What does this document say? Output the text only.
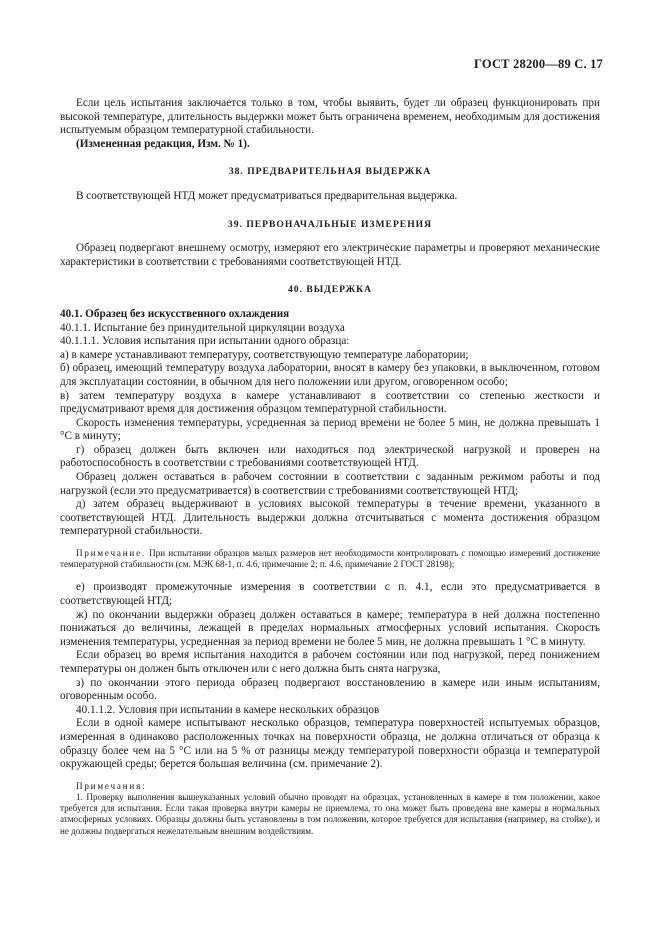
ГОСТ 28200—89 С. 17

Если цель испытания заключается только в том, чтобы выявить, будет ли образец функционировать при высокой температуре, длительность выдержки может быть ограничена временем, необходимым для достижения испытуемым образцом температурной стабильности.

(Измененная редакция, Изм. № 1).

38. ПРЕДВАРИТЕЛЬНАЯ ВЫДЕРЖКА

В соответствующей НТД может предусматриваться предварительная выдержка.

39. ПЕРВОНАЧАЛЬНЫЕ ИЗМЕРЕНИЯ

Образец подвергают внешнему осмотру, измеряют его электрические параметры и проверяют механические характеристики в соответствии с требованиями соответствующей НТД.

40. ВЫДЕРЖКА

40.1. Образец без искусственного охлаждения

40.1.1. Испытание без принудительной циркуляции воздуха

40.1.1.1. Условия испытания при испытании одного образца:

а) в камере устанавливают температуру, соответствующую температуре лаборатории;

б) образец, имеющий температуру воздуха лаборатории, вносят в камеру без упаковки, в выключенном, готовом для эксплуатации состоянии, в обычном для него положении или другом, оговоренном особо;

в) затем температуру воздуха в камере устанавливают в соответствии со степенью жесткости и предусматривают время для достижения образцом температурной стабильности.

Скорость изменения температуры, усредненная за период времени не более 5 мин, не должна превышать 1 °С в минуту;

г) образец должен быть включен или находиться под электрической нагрузкой и проверен на работоспособность в соответствии с требованиями соответствующей НТД.

Образец должен оставаться в рабочем состоянии в соответствии с заданным режимом работы и под нагрузкой (если это предусматривается) в соответствии с требованиями соответствующей НТД;

д) затем образец выдерживают в условиях высокой температуры в течение времени, указанного в соответствующей НТД. Длительность выдержки должна отсчитываться с момента достижения образцом температурной стабильности.

Примечание. При испытании образцов малых размеров нет необходимости контролировать с помощью измерений достижение температурной стабильности (см. МЭК 68-1, п. 4.6, примечание 2; п. 4.6, примечание 2 ГОСТ 28198);

е) производят промежуточные измерения в соответствии с п. 4.1, если это предусматривается в соответствующей НТД;

ж) по окончании выдержки образец должен оставаться в камере; температура в ней должна постепенно понижаться до величины, лежащей в пределах нормальных атмосферных условий испытания. Скорость изменения температуры, усредненная за период времени не более 5 мин, не должна превышать 1 °С в минуту.

Если образец во время испытания находится в рабочем состоянии или под нагрузкой, перед понижением температуры он должен быть отключен или с него должна быть снята нагрузка,

з) по окончании этого периода образец подвергают восстановлению в камере или иным испытаниям, оговоренным особо.

40.1.1.2. Условия при испытании в камере нескольких образцов

Если в одной камере испытывают несколько образцов, температура поверхностей испытуемых образцов, измеренная в одинаково расположенных точках на поверхности образца, не должна отличаться от образца к образцу более чем на 5 °С или на 5 % от разницы между температурой поверхности образца и температурой окружающей среды; берется большая величина (см. примечание 2).

Примечания:

1. Проверку выполнения вышеуказанных условий обычно проводят на образцах, установленных в камере в том положении, какое требуется для испытания. Если такая проверка внутри камеры не приемлема, то она может быть проведена вне камеры в нормальных атмосферных условиях. Образцы должны быть установлены в том положении, которое требуется для испытания (например, на стойке), и не должны подвергаться нежелательным внешним воздействиям.
